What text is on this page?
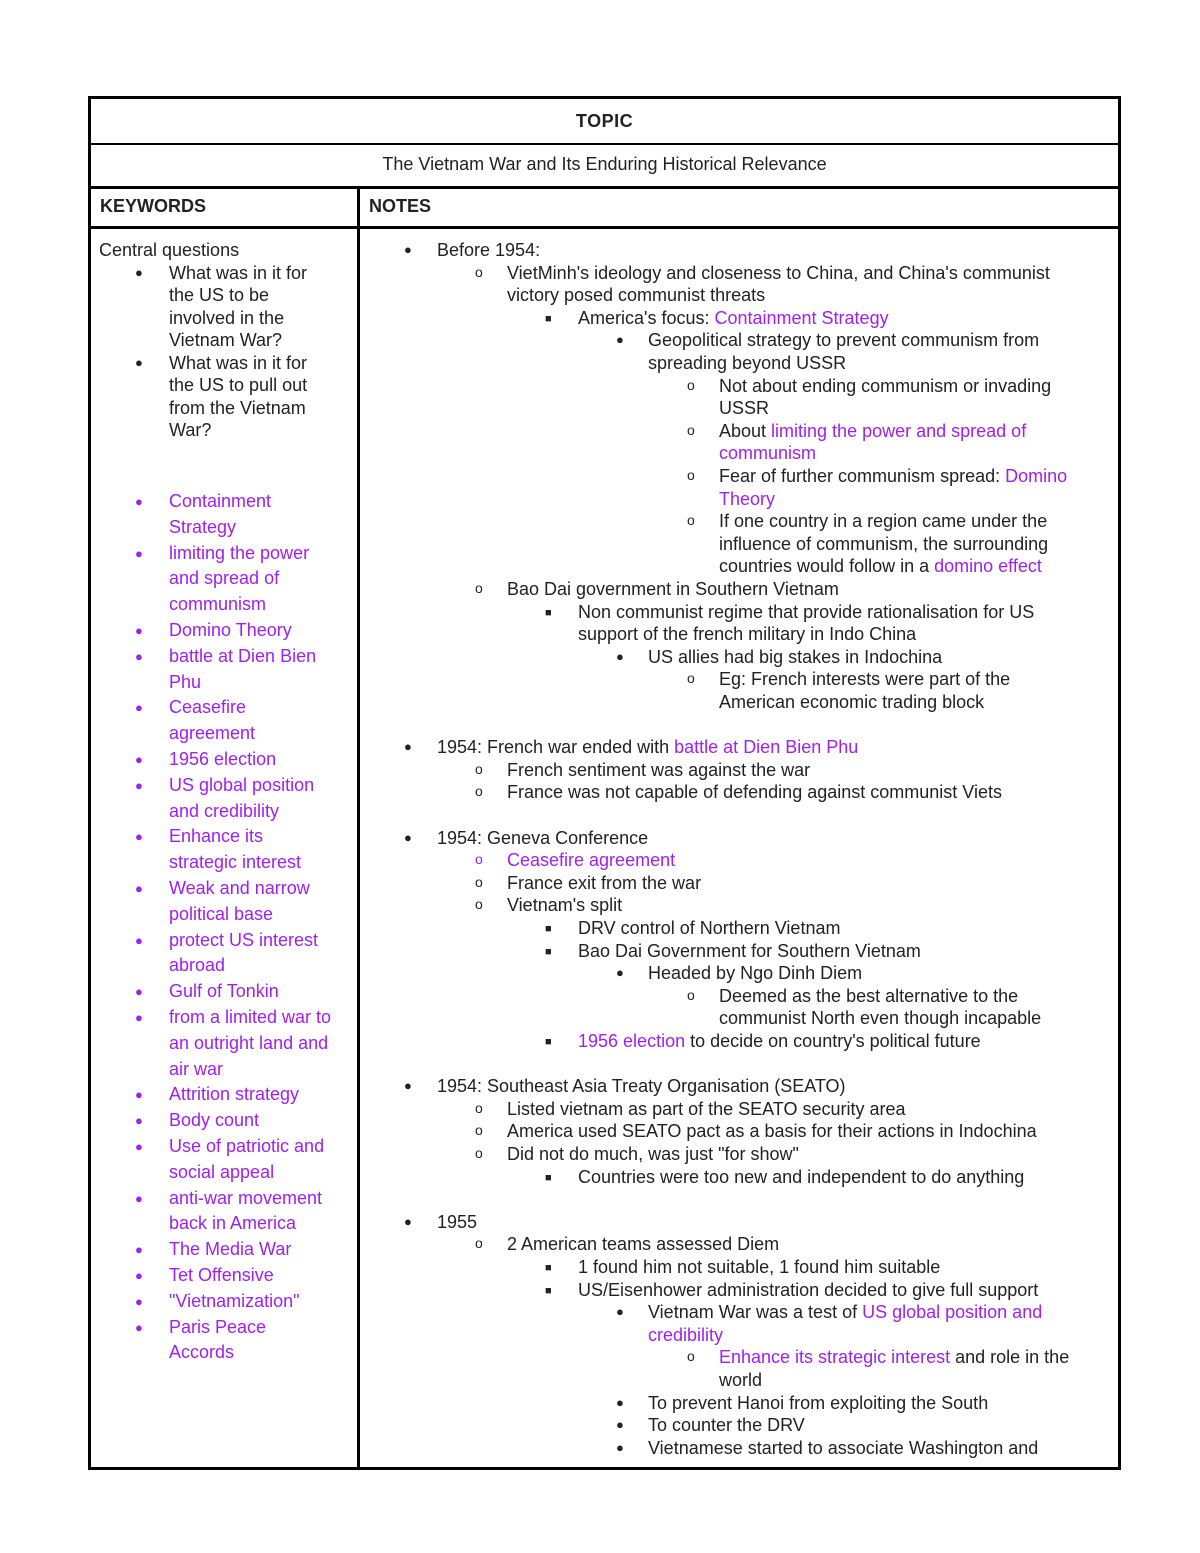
TOPIC
The Vietnam War and Its Enduring Historical Relevance
KEYWORDS	NOTES
Central questions
● What was in it for
the US to be
involved in the
Vietnam War?
● What was in it for
the US to pull out
from the Vietnam
War?
● Containment
Strategy
● limiting the power
and spread of
communism
● Domino Theory
● battle at Dien Bien
Phu
● Ceasefire
agreement
● 1956 election
● US global position
and credibility
● Enhance its
strategic interest
● Weak and narrow
political base
● protect US interest
abroad
● Gulf of Tonkin
● from a limited war to
an outright land and
air war
● Attrition strategy
● Body count
● Use of patriotic and
social appeal
● anti-war movement
back in America
● The Media War
● Tet Offensive
● "Vietnamization"
● Paris Peace
Accords
● Before 1954:
o VietMinh's ideology and closeness to China, and China's communist
victory posed communist threats
■ America's focus: Containment Strategy
● Geopolitical strategy to prevent communism from
spreading beyond USSR
o Not about ending communism or invading
USSR
o About limiting the power and spread of
communism
o Fear of further communism spread: Domino
Theory
o If one country in a region came under the
influence of communism, the surrounding
countries would follow in a domino effect
o Bao Dai government in Southern Vietnam
■ Non communist regime that provide rationalisation for US
support of the french military in Indo China
● US allies had big stakes in Indochina
o Eg: French interests were part of the
American economic trading block
● 1954: French war ended with battle at Dien Bien Phu
o French sentiment was against the war
o France was not capable of defending against communist Viets
● 1954: Geneva Conference
o Ceasefire agreement
o France exit from the war
o Vietnam's split
■ DRV control of Northern Vietnam
■ Bao Dai Government for Southern Vietnam
● Headed by Ngo Dinh Diem
o Deemed as the best alternative to the
communist North even though incapable
■ 1956 election to decide on country's political future
● 1954: Southeast Asia Treaty Organisation (SEATO)
o Listed vietnam as part of the SEATO security area
o America used SEATO pact as a basis for their actions in Indochina
o Did not do much, was just "for show"
■ Countries were too new and independent to do anything
● 1955
o 2 American teams assessed Diem
■ 1 found him not suitable, 1 found him suitable
■ US/Eisenhower administration decided to give full support
● Vietnam War was a test of US global position and
credibility
o Enhance its strategic interest and role in the
world
● To prevent Hanoi from exploiting the South
● To counter the DRV
● Vietnamese started to associate Washington and
